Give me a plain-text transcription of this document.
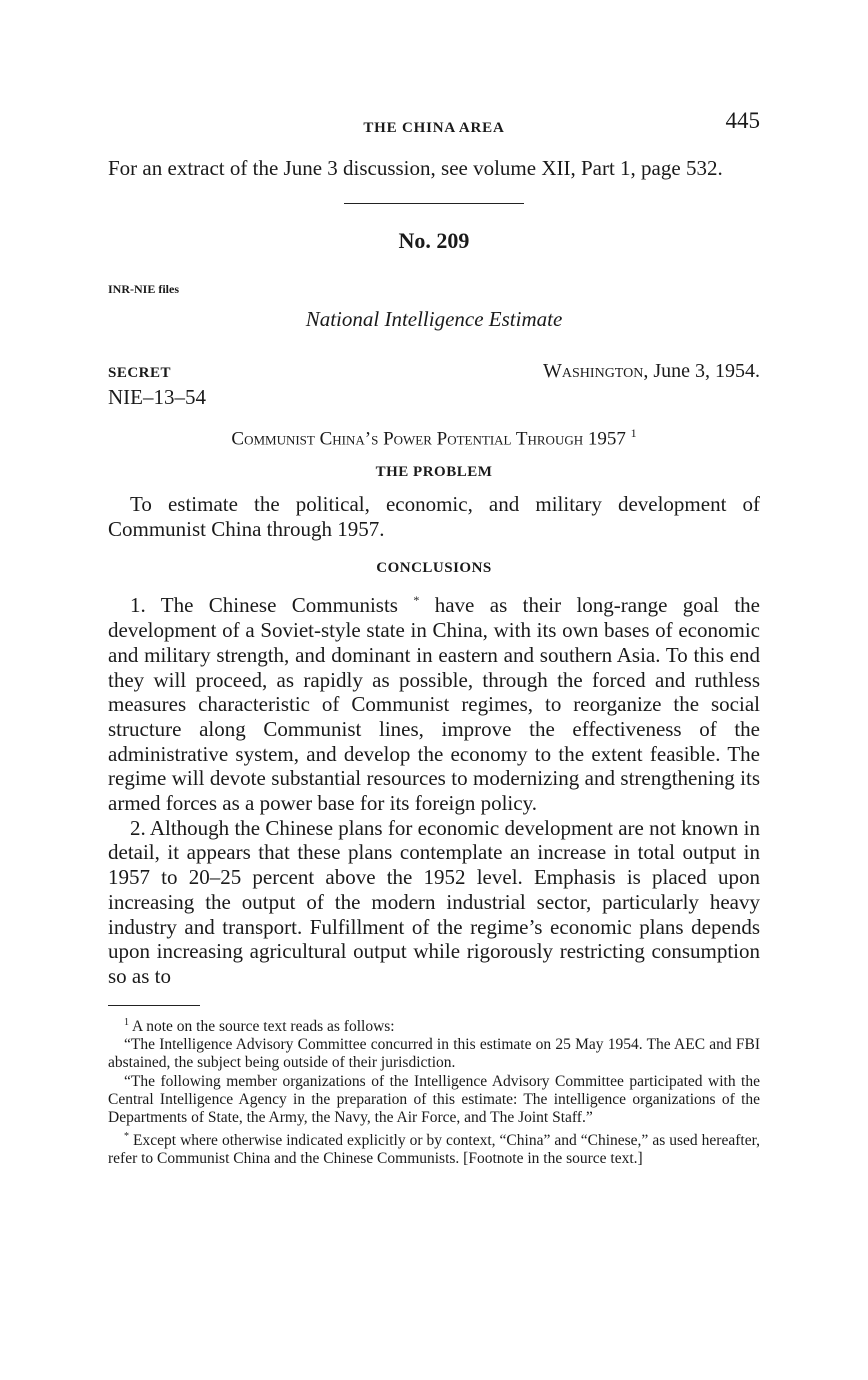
THE CHINA AREA	445

For an extract of the June 3 discussion, see volume XII, Part 1, page 532.

No. 209
INR-NIE files
National Intelligence Estimate
SECRET	Washington, June 3, 1954.
NIE–13–54
Communist China’s Power Potential Through 1957 $^1$
THE PROBLEM

To estimate the political, economic, and military development of Communist China through 1957.

CONCLUSIONS

1. The Chinese Communists * have as their long-range goal the development of a Soviet-style state in China, with its own bases of economic and military strength, and dominant in eastern and southern Asia. To this end they will proceed, as rapidly as possible, through the forced and ruthless measures characteristic of Communist regimes, to reorganize the social structure along Communist lines, improve the effectiveness of the administrative system, and develop the economy to the extent feasible. The regime will devote substantial resources to modernizing and strengthening its armed forces as a power base for its foreign policy.

2. Although the Chinese plans for economic development are not known in detail, it appears that these plans contemplate an increase in total output in 1957 to 20–25 percent above the 1952 level. Emphasis is placed upon increasing the output of the modern industrial sector, particularly heavy industry and transport. Fulfillment of the regime’s economic plans depends upon increasing agricultural output while rigorously restricting consumption so as to

$^1$ A note on the source text reads as follows:

“The Intelligence Advisory Committee concurred in this estimate on 25 May 1954. The AEC and FBI abstained, the subject being outside of their jurisdiction.

“The following member organizations of the Intelligence Advisory Committee participated with the Central Intelligence Agency in the preparation of this estimate: The intelligence organizations of the Departments of State, the Army, the Navy, the Air Force, and The Joint Staff.”

* Except where otherwise indicated explicitly or by context, “China” and “Chinese,” as used hereafter, refer to Communist China and the Chinese Communists. [Footnote in the source text.]
